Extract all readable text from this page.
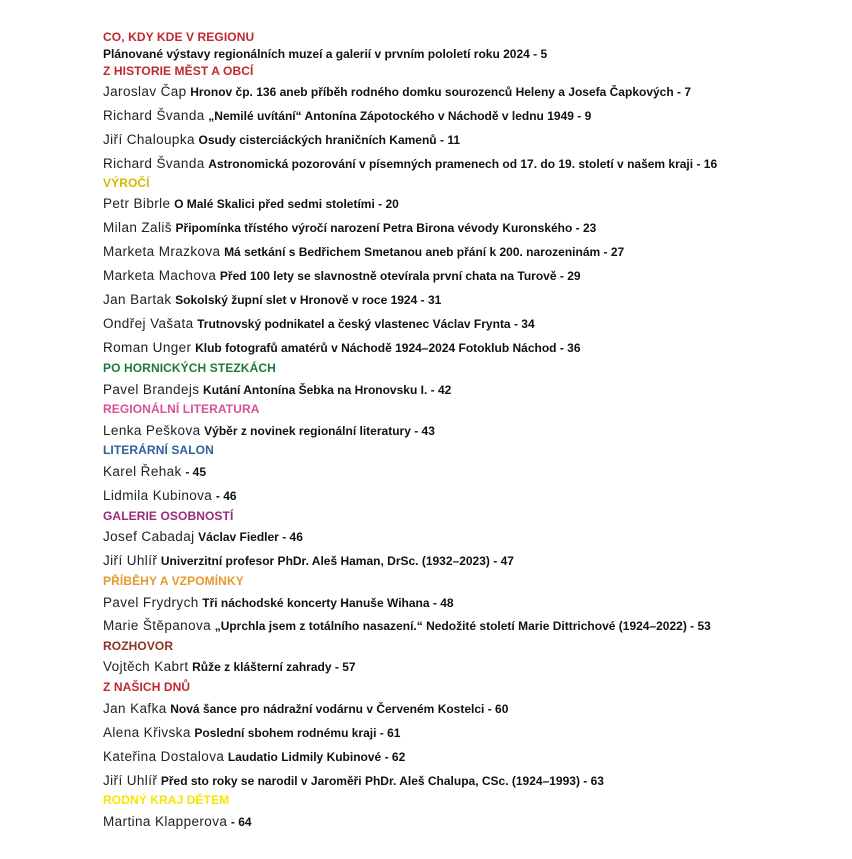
CO, KDY KDE V REGIONU
Plánované výstavy regionálních muzeí a galerií v prvním pololetí roku 2024 - 5
Z HISTORIE MĚST A OBCÍ
Jaroslav Čap Hronov čp. 136 aneb příběh rodného domku sourozenců Heleny a Josefa Čapkových - 7
Richard Švanda „Nemilé uvítání“ Antonína Zápotockého v Náchodě v lednu 1949 - 9
Jiří Chaloupka Osudy cisterciáckých hraničních Kamenů - 11
Richard Švanda Astronomická pozorování v písemných pramenech od 17. do 19. století v našem kraji - 16
VÝROČÍ
Petr Bibrle O Malé Skalici před sedmi stoletími - 20
Milan Zališ Připomínka třístého výročí narození Petra Birona vévody Kuronského - 23
Marketa Mrazkova Má setkání s Bedřichem Smetanou aneb přání k 200. narozeninám - 27
Marketa Machova Před 100 lety se slavnostně otevírala první chata na Turově - 29
Jan Bartak Sokolský župní slet v Hronově v roce 1924 - 31
Ondřej Vašata Trutnovský podnikatel a český vlastenec Václav Frynta - 34
Roman Unger Klub fotografů amatérů v Náchodě 1924–2024 Fotoklub Náchod - 36
PO HORNICKÝCH STEZKÁCH
Pavel Brandejs Kutání Antonína Šebka na Hronovsku I. - 42
REGIONÁLNÍ LITERATURA
Lenka Peškova Výběr z novinek regionální literatury - 43
LITERÁRNÍ SALON
Karel Řehak - 45
Lidmila Kubinova - 46
GALERIE OSOBNOSTÍ
Josef Cabadaj Václav Fiedler - 46
Jiří Uhlíř Univerzitní profesor PhDr. Aleš Haman, DrSc. (1932–2023) - 47
PŘÍBĚHY A VZPOMÍNKY
Pavel Frydrych Tři náchodské koncerty Hanuše Wihana - 48
Marie Štěpanova „Uprchla jsem z totálního nasazení.“ Nedožité století Marie Dittrichové (1924–2022) - 53
ROZHOVOR
Vojtěch Kabrt Růže z klášterní zahrady - 57
Z NAŠICH DNŮ
Jan Kafka Nová šance pro nádražní vodárnu v Červeném Kostelci - 60
Alena Křivska Poslední sbohem rodnému kraji - 61
Kateřina Dostalova Laudatio Lidmily Kubinové - 62
Jiří Uhlíř Před sto roky se narodil v Jaroměři PhDr. Aleš Chalupa, CSc. (1924–1993) - 63
RODNÝ KRAJ DĚTEM
Martina Klapperova - 64
